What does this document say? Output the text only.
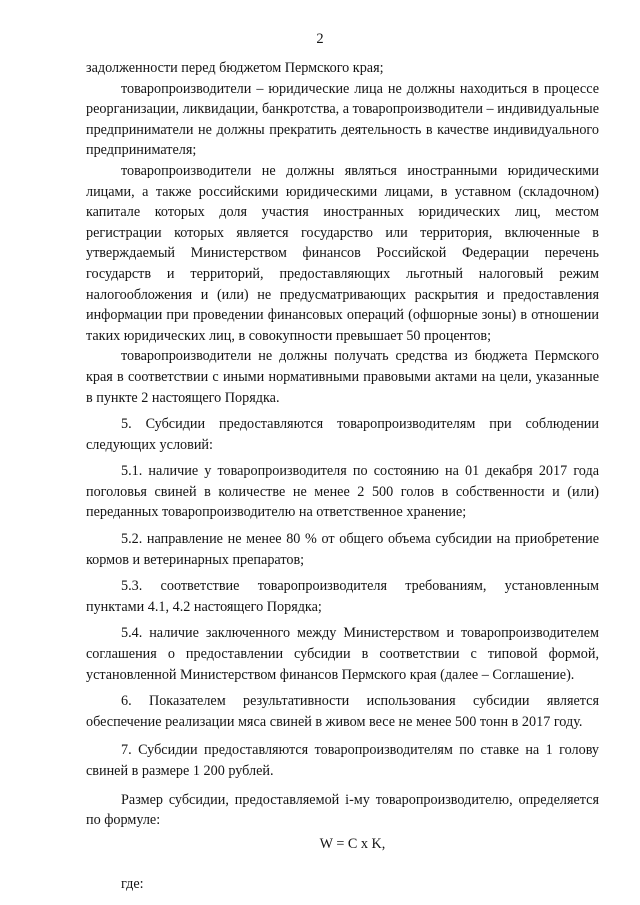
2

задолженности перед бюджетом Пермского края;

товаропроизводители – юридические лица не должны находиться в процессе реорганизации, ликвидации, банкротства, а товаропроизводители – индивидуальные предприниматели не должны прекратить деятельность в качестве индивидуального предпринимателя;

товаропроизводители не должны являться иностранными юридическими лицами, а также российскими юридическими лицами, в уставном (складочном) капитале которых доля участия иностранных юридических лиц, местом регистрации которых является государство или территория, включенные в утверждаемый Министерством финансов Российской Федерации перечень государств и территорий, предоставляющих льготный налоговый режим налогообложения и (или) не предусматривающих раскрытия и предоставления информации при проведении финансовых операций (офшорные зоны) в отношении таких юридических лиц, в совокупности превышает 50 процентов;

товаропроизводители не должны получать средства из бюджета Пермского края в соответствии с иными нормативными правовыми актами на цели, указанные в пункте 2 настоящего Порядка.

5. Субсидии предоставляются товаропроизводителям при соблюдении следующих условий:

5.1. наличие у товаропроизводителя по состоянию на 01 декабря 2017 года поголовья свиней в количестве не менее 2 500 голов в собственности и (или) переданных товаропроизводителю на ответственное хранение;

5.2. направление не менее 80 % от общего объема субсидии на приобретение кормов и ветеринарных препаратов;

5.3. соответствие товаропроизводителя требованиям, установленным пунктами 4.1, 4.2 настоящего Порядка;

5.4. наличие заключенного между Министерством и товаропроизводителем соглашения о предоставлении субсидии в соответствии с типовой формой, установленной Министерством финансов Пермского края (далее – Соглашение).

6. Показателем результативности использования субсидии является обеспечение реализации мяса свиней в живом весе не менее 500 тонн в 2017 году.

7. Субсидии предоставляются товаропроизводителям по ставке на 1 голову свиней в размере 1 200 рублей.

Размер субсидии, предоставляемой i-му товаропроизводителю, определяется по формуле:

W = C x K,

где:
